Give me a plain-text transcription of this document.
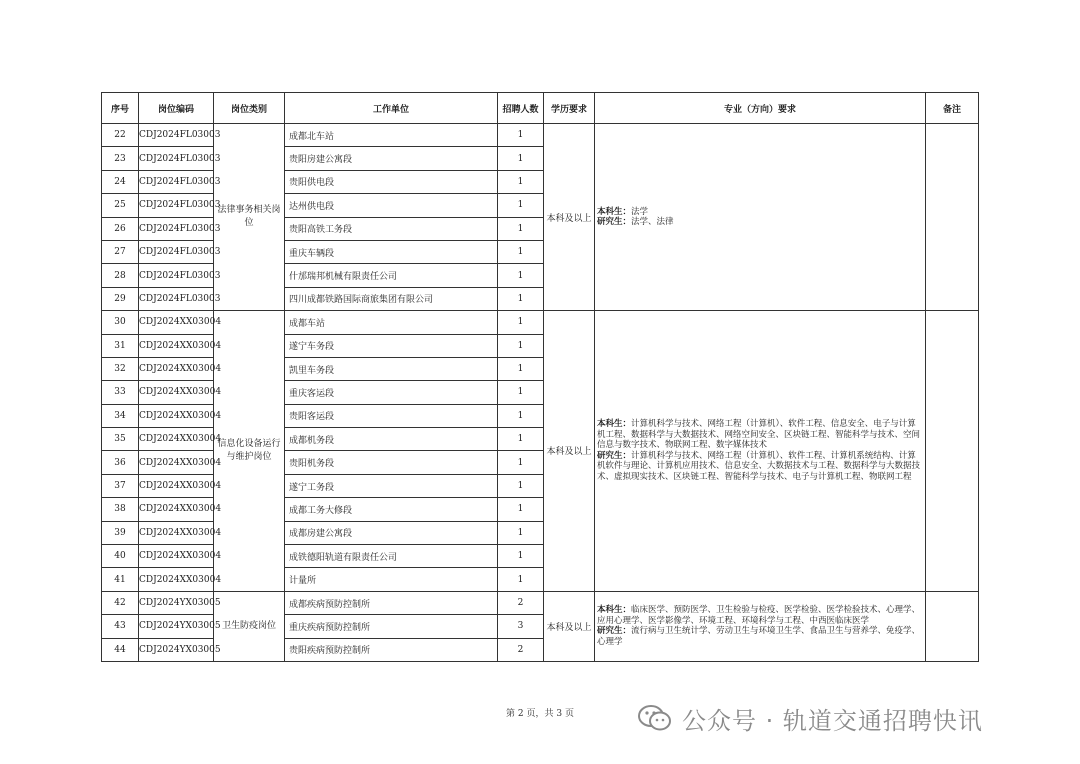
序号	岗位编码	岗位类别	工作单位	招聘人数	学历要求	专业（方向）要求	备注
22	CDJ2024FL03003	法律事务相关岗位	成都北车站	1	本科及以上	本科生：法学
研究生：法学、法律	

23	CDJ2024FL03003		贵阳房建公寓段	1			
24	CDJ2024FL03003		贵阳供电段	1			
25	CDJ2024FL03003		达州供电段	1			
26	CDJ2024FL03003		贵阳高铁工务段	1			
27	CDJ2024FL03003		重庆车辆段	1			
28	CDJ2024FL03003		什邡瑞邦机械有限责任公司	1			
29	CDJ2024FL03003		四川成都铁路国际商旅集团有限公司	1			
30	CDJ2024XX03004	信息化设备运行与维护岗位	成都车站	1	本科及以上	本科生：计算机科学与技术、网络工程（计算机）、软件工程、信息安全、电子与计算机工程、数据科学与大数据技术、网络空间安全、区块链工程、智能科学与技术、空间信息与数字技术、物联网工程、数字媒体技术
研究生：计算机科学与技术、网络工程（计算机）、软件工程、计算机系统结构、计算机软件与理论、计算机应用技术、信息安全、大数据技术与工程、数据科学与大数据技术、虚拟现实技术、区块链工程、智能科学与技术、电子与计算机工程、物联网工程	

31	CDJ2024XX03004		遂宁车务段	1			
32	CDJ2024XX03004		凯里车务段	1			
33	CDJ2024XX03004		重庆客运段	1			
34	CDJ2024XX03004		贵阳客运段	1			
35	CDJ2024XX03004		成都机务段	1			
36	CDJ2024XX03004		贵阳机务段	1			
37	CDJ2024XX03004		遂宁工务段	1			
38	CDJ2024XX03004		成都工务大修段	1			
39	CDJ2024XX03004		成都房建公寓段	1			
40	CDJ2024XX03004		成铁德阳轨道有限责任公司	1			
41	CDJ2024XX03004		计量所	1			
42	CDJ2024YX03005	卫生防疫岗位	成都疾病预防控制所	2	本科及以上	本科生：临床医学、预防医学、卫生检验与检疫、医学检验、医学检验技术、心理学、应用心理学、医学影像学、环境工程、环境科学与工程、中西医临床医学
研究生：流行病与卫生统计学、劳动卫生与环境卫生学、食品卫生与营养学、免疫学、心理学	

43	CDJ2024YX03005		重庆疾病预防控制所	3			
44	CDJ2024YX03005		贵阳疾病预防控制所	2			
第 2 页，共 3 页	公众号 · 轨道交通招聘快讯
